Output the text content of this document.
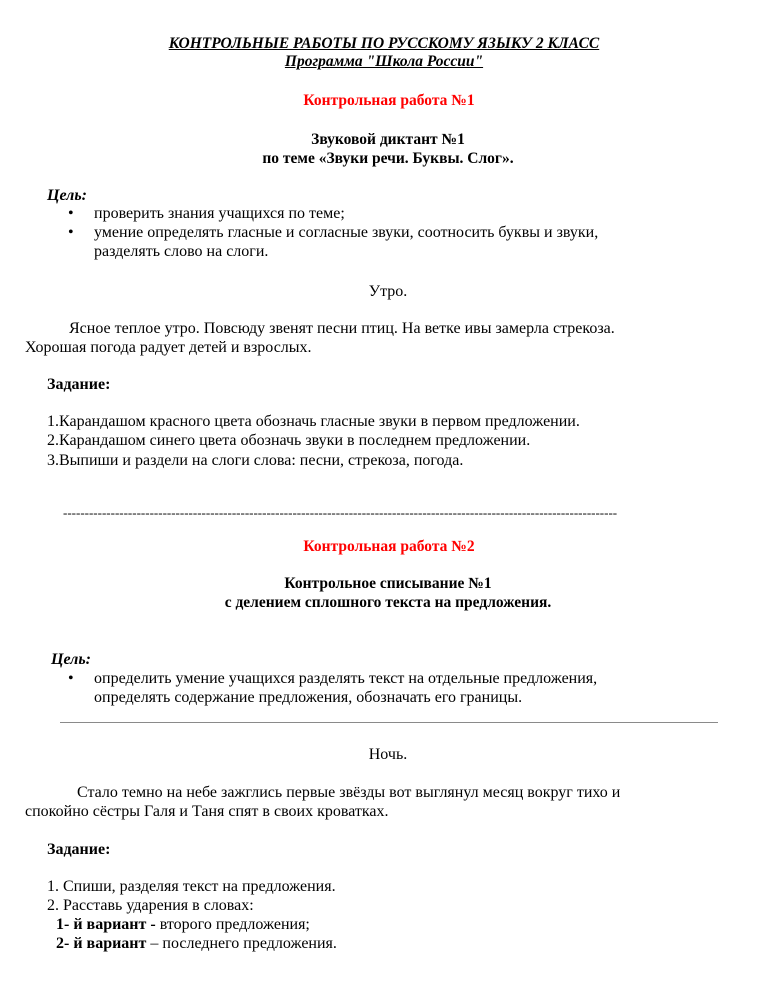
КОНТРОЛЬНЫЕ РАБОТЫ ПО РУССКОМУ ЯЗЫКУ 2 КЛАСС
Программа "Школа России"
Контрольная работа №1
Звуковой диктант №1
по теме «Звуки речи. Буквы. Слог».
Цель:
• проверить знания учащихся по теме;
• умение определять гласные и согласные звуки, соотносить буквы и звуки,
разделять слово на слоги.
Утро.
Ясное теплое утро. Повсюду звенят песни птиц. На ветке ивы замерла стрекоза.
Хорошая погода радует детей и взрослых.
Задание:
1.Карандашом красного цвета обозначь гласные звуки в первом предложении.
2.Карандашом синего цвета обозначь звуки в последнем предложении.
3.Выпиши и раздели на слоги слова: песни, стрекоза, погода.
--------------------------------------------------------------------------------------------------------------------------------
Контрольная работа №2
Контрольное списывание №1
с делением сплошного текста на предложения.
Цель:
• определить умение учащихся разделять текст на отдельные предложения,
определять содержание предложения, обозначать его границы.
Ночь.
Стало темно на небе зажглись первые звёзды вот выглянул месяц вокруг тихо и
спокойно сёстры Галя и Таня спят в своих кроватках.
Задание:
1. Спиши, разделяя текст на предложения.
2. Расставь ударения в словах:
1- й вариант - второго предложения;
2- й вариант – последнего предложения.
